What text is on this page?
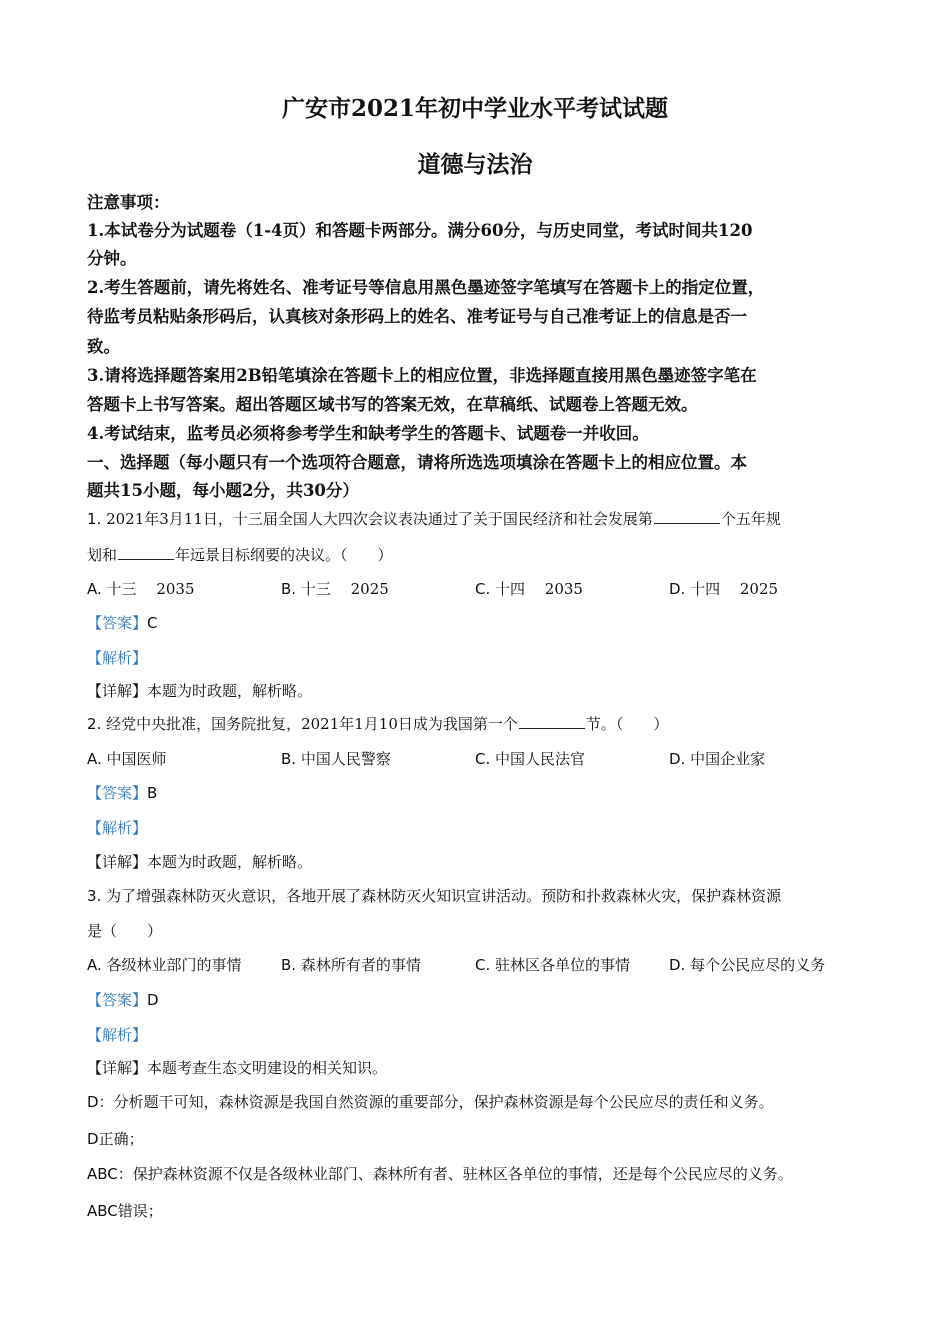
广安市2021年初中学业水平考试试题
道德与法治
注意事项：
1.本试卷分为试题卷（1-4页）和答题卡两部分。满分60分，与历史同堂，考试时间共120
分钟。
2.考生答题前，请先将姓名、准考证号等信息用黑色墨迹签字笔填写在答题卡上的指定位置，
待监考员粘贴条形码后，认真核对条形码上的姓名、准考证号与自己准考证上的信息是否一
致。
3.请将选择题答案用2B铅笔填涂在答题卡上的相应位置，非选择题直接用黑色墨迹签字笔在
答题卡上书写答案。超出答题区域书写的答案无效，在草稿纸、试题卷上答题无效。
4.考试结束，监考员必须将参考学生和缺考学生的答题卡、试题卷一并收回。
一、选择题（每小题只有一个选项符合题意，请将所选选项填涂在答题卡上的相应位置。本
题共15小题，每小题2分，共30分）
1. 2021年3月11日，十三届全国人大四次会议表决通过了关于国民经济和社会发展第	个五年规
划和	年远景目标纲要的决议。（　　）
A. 十三　 2035	B. 十三　 2025	C. 十四　 2035	D. 十四　 2025
【答案】C
【解析】
【详解】本题为时政题，解析略。
2. 经党中央批准，国务院批复，2021年1月10日成为我国第一个	节。（　　）
A. 中国医师	B. 中国人民警察	C. 中国人民法官	D. 中国企业家
【答案】B
【解析】
【详解】本题为时政题，解析略。
3. 为了增强森林防灭火意识，各地开展了森林防灭火知识宣讲活动。预防和扑救森林火灾，保护森林资源
是（　　）
A. 各级林业部门的事情	B. 森林所有者的事情	C. 驻林区各单位的事情	D. 每个公民应尽的义务
【答案】D
【解析】
【详解】本题考查生态文明建设的相关知识。
D：分析题干可知，森林资源是我国自然资源的重要部分，保护森林资源是每个公民应尽的责任和义务。
D正确；
ABC：保护森林资源不仅是各级林业部门、森林所有者、驻林区各单位的事情，还是每个公民应尽的义务。
ABC错误；
